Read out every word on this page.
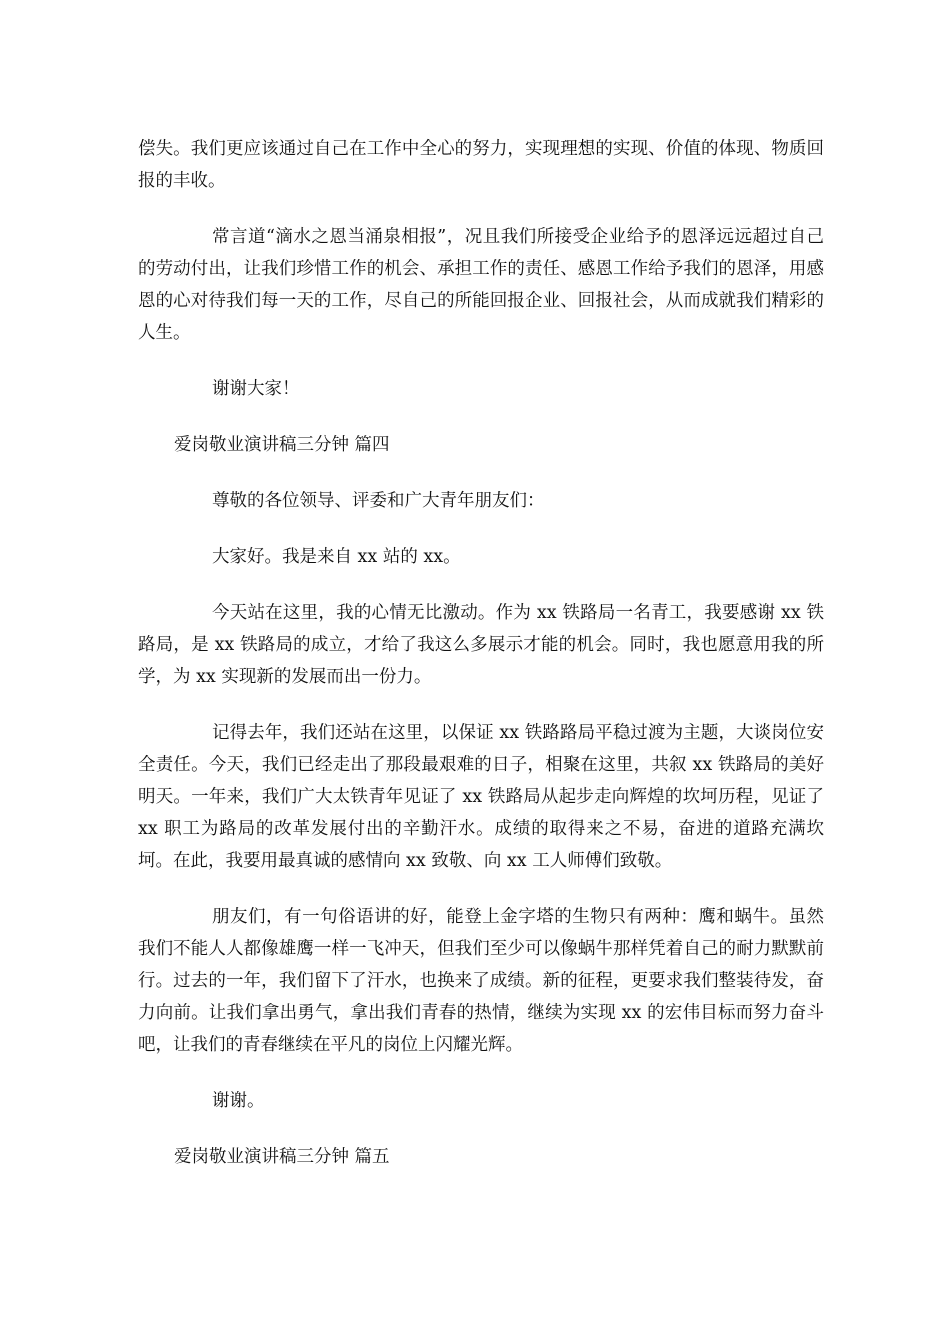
偿失。我们更应该通过自己在工作中全心的努力，实现理想的实现、价值的体现、物质回报的丰收。

常言道“滴水之恩当涌泉相报”，况且我们所接受企业给予的恩泽远远超过自己的劳动付出，让我们珍惜工作的机会、承担工作的责任、感恩工作给予我们的恩泽，用感恩的心对待我们每一天的工作，尽自己的所能回报企业、回报社会，从而成就我们精彩的人生。

谢谢大家！

爱岗敬业演讲稿三分钟 篇四

尊敬的各位领导、评委和广大青年朋友们：

大家好。我是来自 xx 站的 xx。

今天站在这里，我的心情无比激动。作为 xx 铁路局一名青工，我要感谢 xx 铁路局，是 xx 铁路局的成立，才给了我这么多展示才能的机会。同时，我也愿意用我的所学，为 xx 实现新的发展而出一份力。

记得去年，我们还站在这里，以保证 xx 铁路路局平稳过渡为主题，大谈岗位安全责任。今天，我们已经走出了那段最艰难的日子，相聚在这里，共叙 xx 铁路局的美好明天。一年来，我们广大太铁青年见证了 xx 铁路局从起步走向辉煌的坎坷历程，见证了 xx 职工为路局的改革发展付出的辛勤汗水。成绩的取得来之不易，奋进的道路充满坎坷。在此，我要用最真诚的感情向 xx 致敬、向 xx 工人师傅们致敬。

朋友们，有一句俗语讲的好，能登上金字塔的生物只有两种：鹰和蜗牛。虽然我们不能人人都像雄鹰一样一飞冲天，但我们至少可以像蜗牛那样凭着自己的耐力默默前行。过去的一年，我们留下了汗水，也换来了成绩。新的征程，更要求我们整装待发，奋力向前。让我们拿出勇气，拿出我们青春的热情，继续为实现 xx 的宏伟目标而努力奋斗吧，让我们的青春继续在平凡的岗位上闪耀光辉。

谢谢。

爱岗敬业演讲稿三分钟 篇五
